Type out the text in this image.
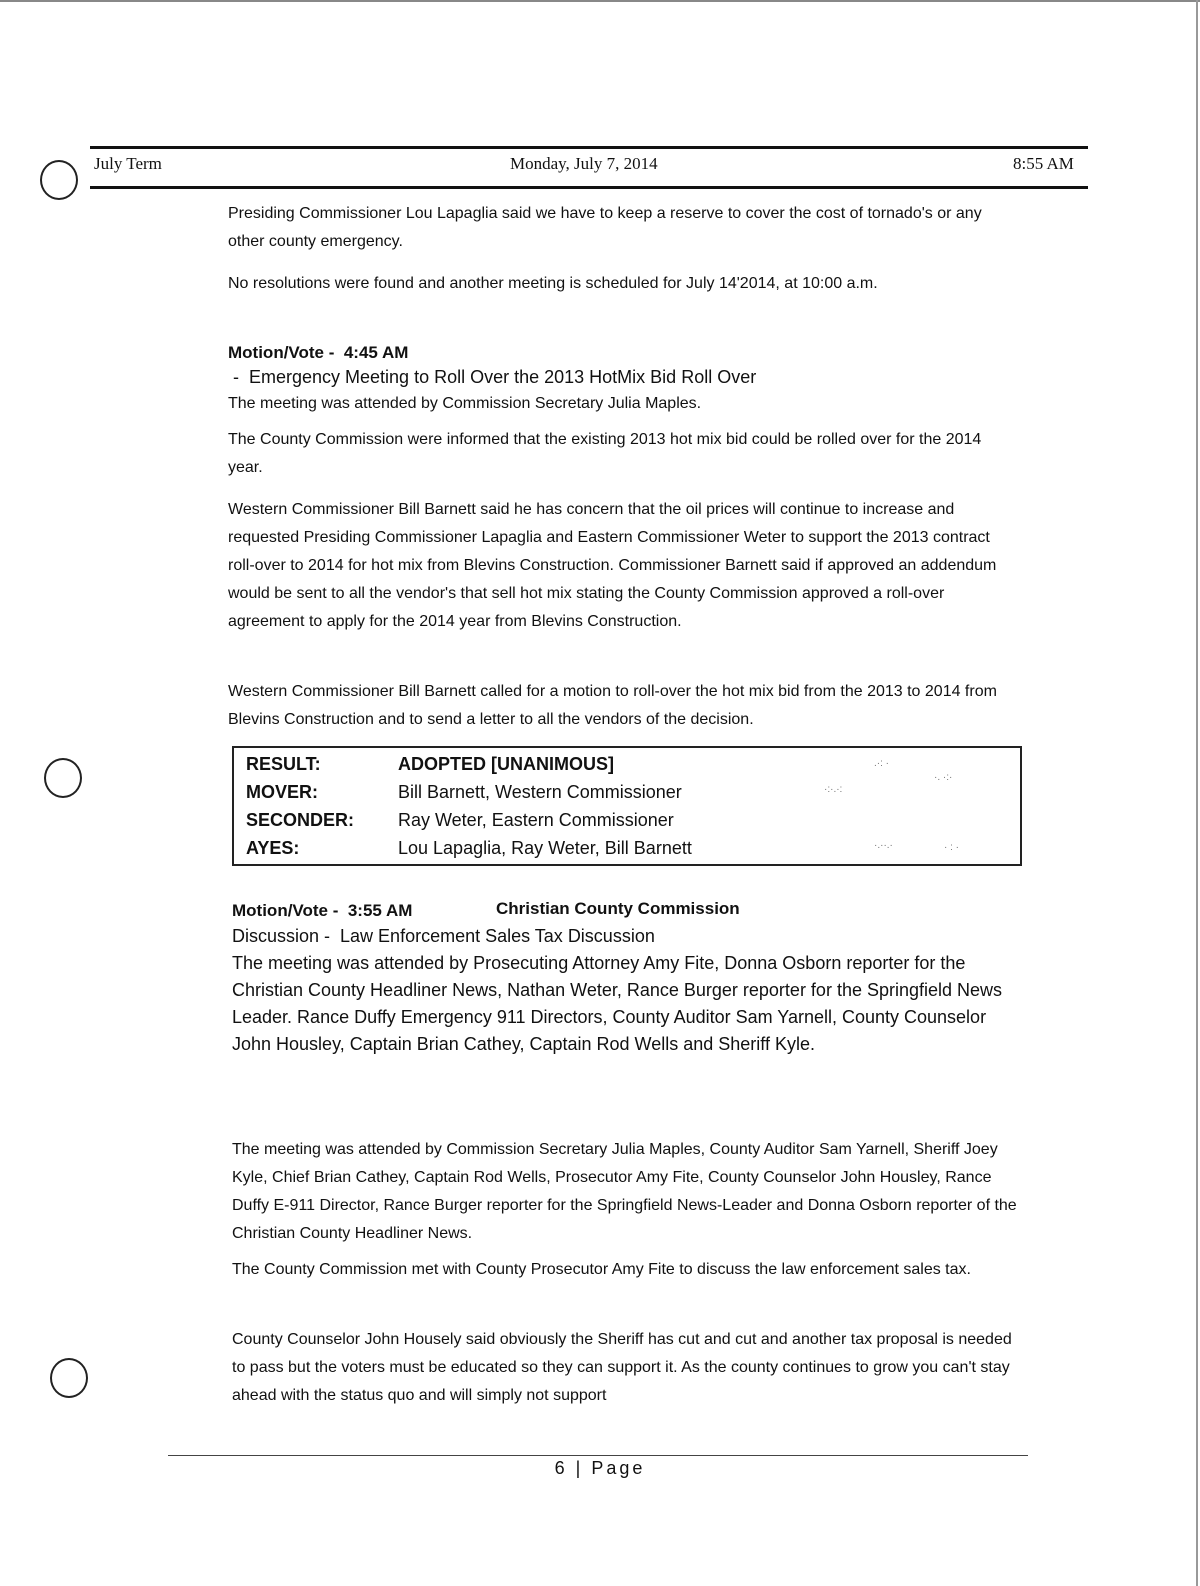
July Term	Monday, July 7, 2014	8:55 AM
Presiding Commissioner Lou Lapaglia said we have to keep a reserve to cover the cost of tornado's or any other county emergency.
No resolutions were found and another meeting is scheduled for July 14'2014, at 10:00 a.m.
Motion/Vote -  4:45 AM
-  Emergency Meeting to Roll Over the 2013 HotMix Bid Roll Over
The meeting was attended by Commission Secretary Julia Maples.
The County Commission were informed that the existing 2013 hot mix bid could be rolled over for the 2014 year.
Western Commissioner Bill Barnett said he has concern that the oil prices will continue to increase and requested Presiding Commissioner Lapaglia and Eastern Commissioner Weter to support the 2013 contract roll-over to 2014 for hot mix from Blevins Construction. Commissioner Barnett said if approved an addendum would be sent to all the vendor's that sell hot mix stating the County Commission approved a roll-over agreement to apply for the 2014 year from Blevins Construction.
Western Commissioner Bill Barnett called for a motion to roll-over the hot mix bid from the 2013 to 2014 from Blevins Construction and to send a letter to all the vendors of the decision.
RESULT:	ADOPTED [UNANIMOUS]
MOVER:	Bill Barnett, Western Commissioner
SECONDER: Ray Weter, Eastern Commissioner
AYES:	Lou Lapaglia, Ray Weter, Bill Barnett
·:·.·:
.·: ·
·. ·:·
·.··.·	· : ·
Motion/Vote -  3:55 AM	Christian County Commission
Discussion -  Law Enforcement Sales Tax Discussion
The meeting was attended by Prosecuting Attorney Amy Fite, Donna Osborn reporter for the Christian County Headliner News, Nathan Weter, Rance Burger reporter for the Springfield News Leader. Rance Duffy Emergency 911 Directors, County Auditor Sam Yarnell, County Counselor John Housley, Captain Brian Cathey, Captain Rod Wells and Sheriff Kyle.
The meeting was attended by Commission Secretary Julia Maples, County Auditor Sam Yarnell, Sheriff Joey Kyle, Chief Brian Cathey, Captain Rod Wells, Prosecutor Amy Fite, County Counselor John Housley, Rance Duffy E-911 Director, Rance Burger reporter for the Springfield News-Leader and Donna Osborn reporter of the Christian County Headliner News.
The County Commission met with County Prosecutor Amy Fite to discuss the law enforcement sales tax.
County Counselor John Housely said obviously the Sheriff has cut and cut and another tax proposal is needed to pass but the voters must be educated so they can support it. As the county continues to grow you can't stay ahead with the status quo and will simply not support
6 | Page
